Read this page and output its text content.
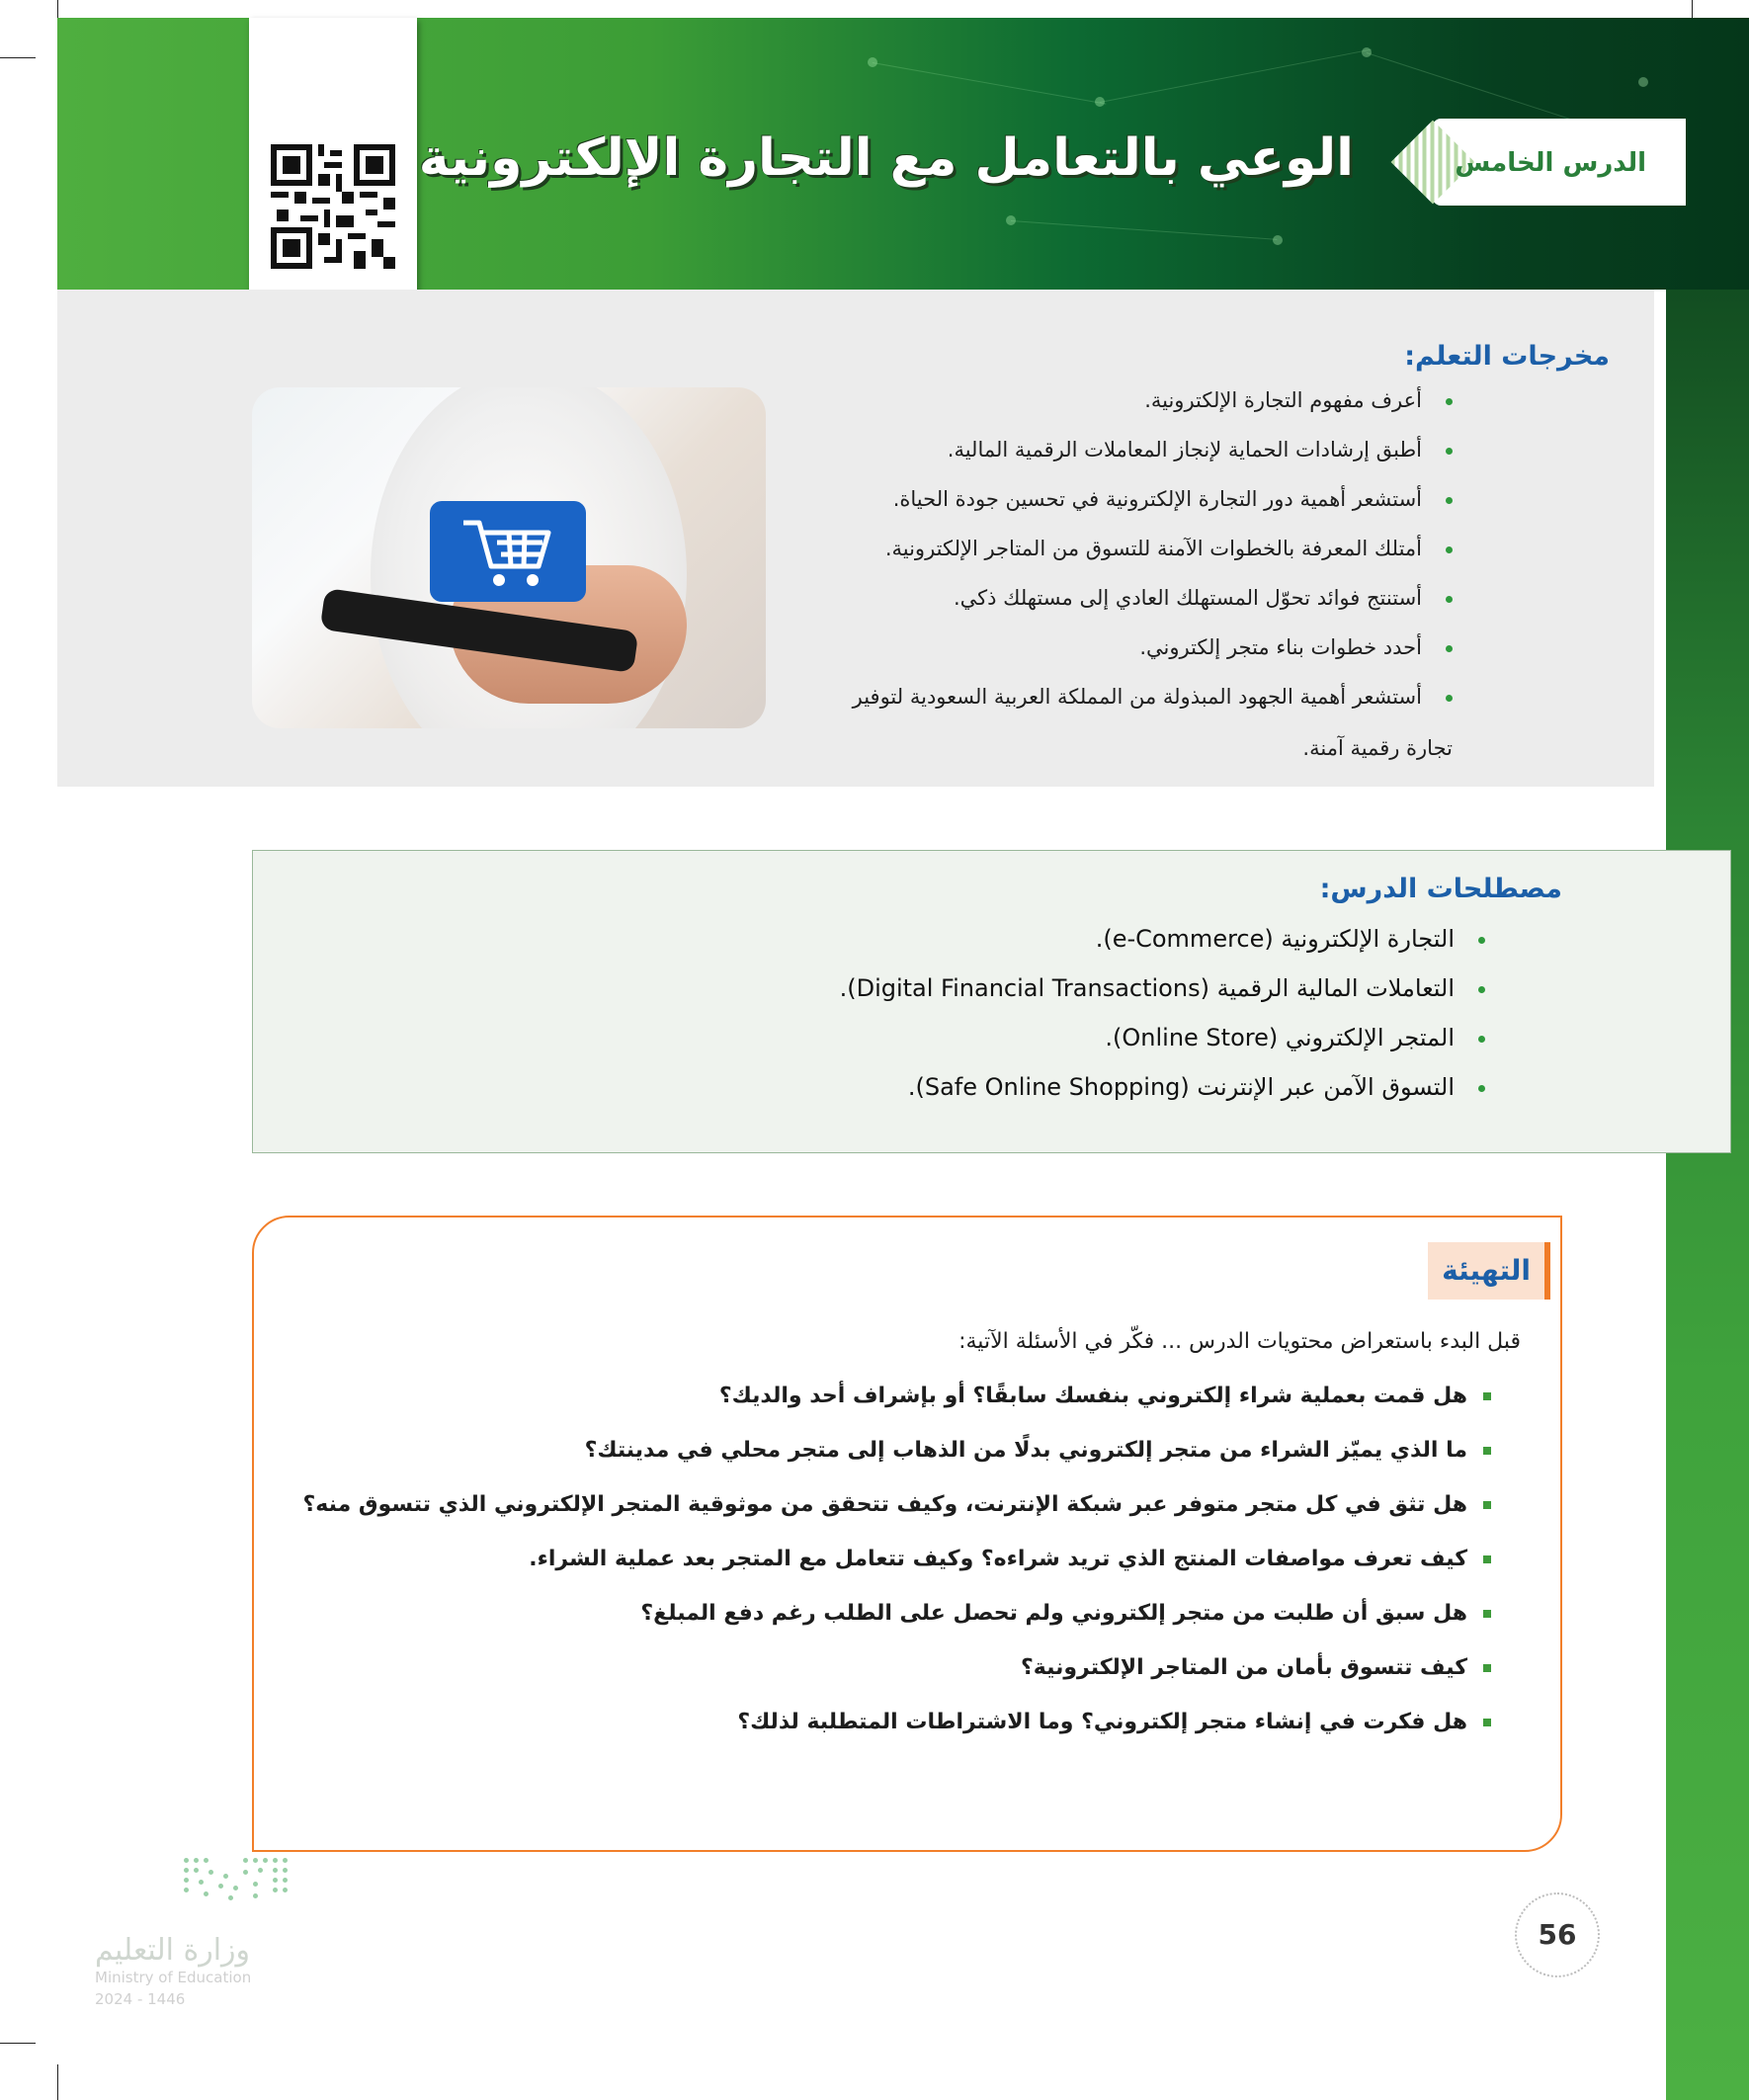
الدرس الخامس
الوعي بالتعامل مع التجارة الإلكترونية
مخرجات التعلم:
أعرف مفهوم التجارة الإلكترونية.
أطبق إرشادات الحماية لإنجاز المعاملات الرقمية المالية.
أستشعر أهمية دور التجارة الإلكترونية في تحسين جودة الحياة.
أمتلك المعرفة بالخطوات الآمنة للتسوق من المتاجر الإلكترونية.
أستنتج فوائد تحوّل المستهلك العادي إلى مستهلك ذكي.
أحدد خطوات بناء متجر إلكتروني.
أستشعر أهمية الجهود المبذولة من المملكة العربية السعودية لتوفير
تجارة رقمية آمنة.
مصطلحات الدرس:
التجارة الإلكترونية (e-Commerce).
التعاملات المالية الرقمية (Digital Financial Transactions).
المتجر الإلكتروني (Online Store).
التسوق الآمن عبر الإنترنت (Safe Online Shopping).
التهيئة
قبل البدء باستعراض محتويات الدرس ... فكّر في الأسئلة الآتية:
هل قمت بعملية شراء إلكتروني بنفسك سابقًا؟ أو بإشراف أحد والديك؟
ما الذي يميّز الشراء من متجر إلكتروني بدلًا من الذهاب إلى متجر محلي في مدينتك؟
هل تثق في كل متجر متوفر عبر شبكة الإنترنت، وكيف تتحقق من موثوقية المتجر الإلكتروني الذي تتسوق منه؟
كيف تعرف مواصفات المنتج الذي تريد شراءه؟ وكيف تتعامل مع المتجر بعد عملية الشراء.
هل سبق أن طلبت من متجر إلكتروني ولم تحصل على الطلب رغم دفع المبلغ؟
كيف تتسوق بأمان من المتاجر الإلكترونية؟
هل فكرت في إنشاء متجر إلكتروني؟ وما الاشتراطات المتطلبة لذلك؟
وزارة التعليم
Ministry of Education
2024 - 1446
56
